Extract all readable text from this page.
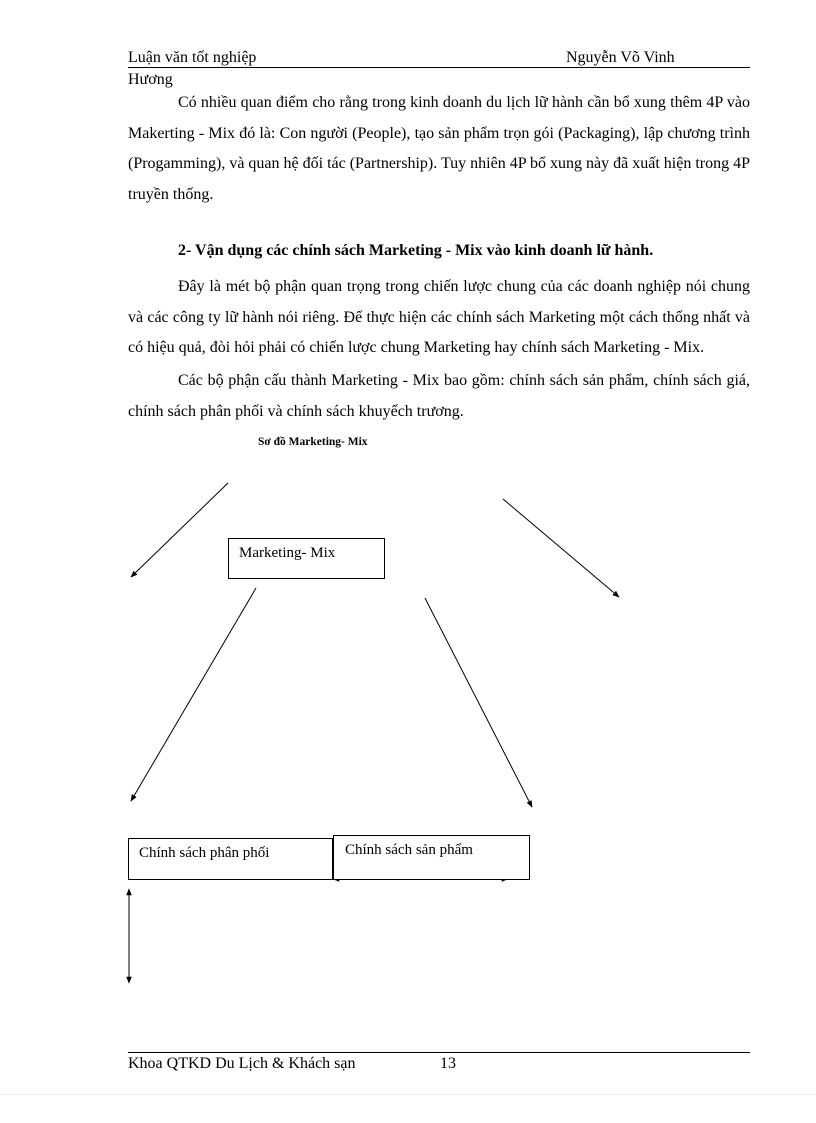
Luận văn tốt nghiệp	Nguyễn Võ Vinh
Hương

Có nhiều quan điểm cho rằng trong kinh doanh du lịch lữ hành cần bổ xung thêm 4P vào Makerting - Mix đó là: Con người (People), tạo sản phẩm trọn gói (Packaging), lập chương trình (Progamming), và quan hệ đối tác (Partnership). Tuy nhiên 4P bổ xung này đã xuất hiện trong 4P truyền thống.

2- Vận dụng các chính sách Marketing - Mix vào kinh doanh lữ hành.

Đây là mét bộ phận quan trọng trong chiến lược chung của các doanh nghiệp nói chung và các công ty lữ hành nói riêng. Để thực hiện các chính sách Marketing một cách thống nhất và có hiệu quả, đòi hỏi phải có chiến lược chung Marketing hay chính sách Marketing - Mix.

Các bộ phận cấu thành Marketing - Mix bao gồm: chính sách sản phẩm, chính sách giá, chính sách phân phối và chính sách khuyếch trương.

Sơ đồ Marketing- Mix
Marketing- Mix
Chính sách phân phối	Chính sách sản phẩm
Khoa QTKD Du Lịch & Khách sạn	13
